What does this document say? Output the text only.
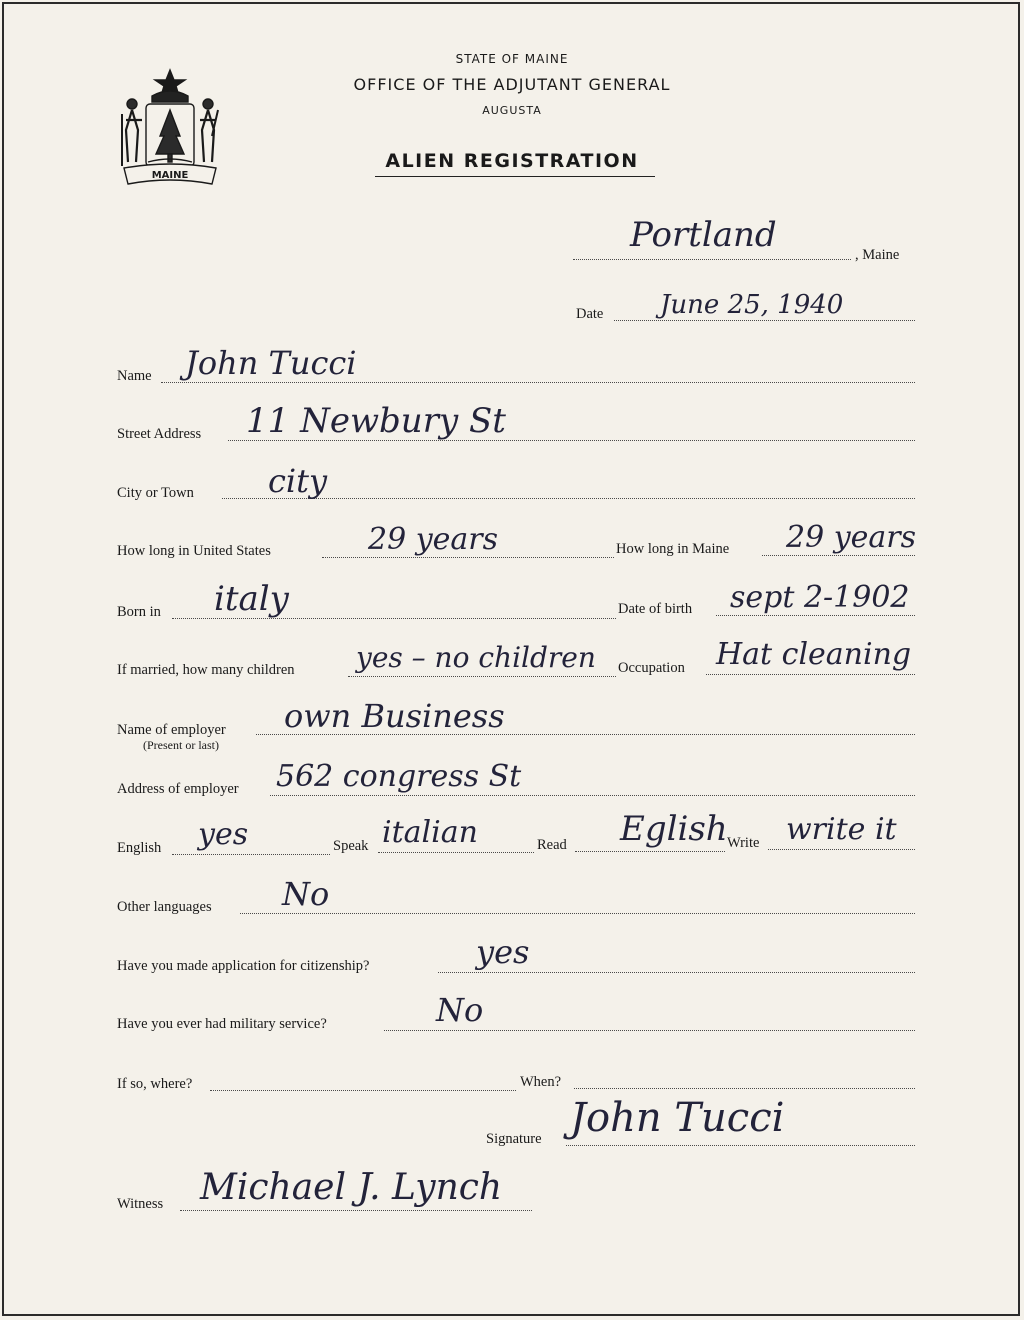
MAINE
STATE OF MAINE
OFFICE OF THE ADJUTANT GENERAL
AUGUSTA
ALIEN REGISTRATION
Portland	, Maine
Date June 25, 1940
Name John Tucci
Street Address 11 Newbury St
City or Town city
How long in United States	29 years	How long in Maine 29 years
Born in italy	Date of birth sept 2-1902
If married, how many children yes – no children Occupation Hat cleaning
Name of employer
(Present or last)
own Business
Address of employer 562 congress St
English yes	Speak italian	Read Eglish Write write it
Other languages No
Have you made application for citizenship?	yes
Have you ever had military service?	No
If so, where?	When?
Signature John Tucci
Witness Michael J. Lynch
